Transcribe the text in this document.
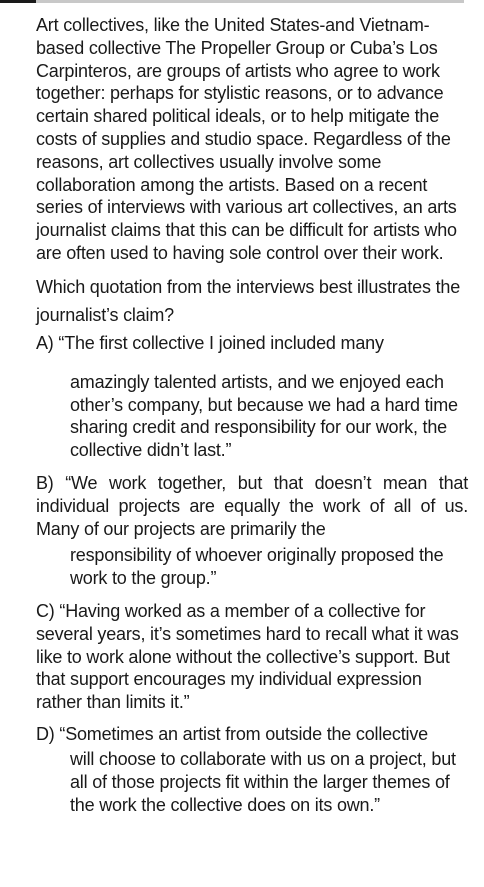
Art collectives, like the United States-and Vietnam-based collective The Propeller Group or Cuba’s Los Carpinteros, are groups of artists who agree to work together: perhaps for stylistic reasons, or to advance certain shared political ideals, or to help mitigate the costs of supplies and studio space. Regardless of the reasons, art collectives usually involve some collaboration among the artists. Based on a recent series of interviews with various art collectives, an arts journalist claims that this can be difficult for artists who are often used to having sole control over their work.

Which quotation from the interviews best illustrates the journalist’s claim?

A) “The first collective I joined included many

amazingly talented artists, and we enjoyed each other’s company, but because we had a hard time sharing credit and responsibility for our work, the collective didn’t last.”

B) “We work together, but that doesn’t mean that individual projects are equally the work of all of us. Many of our projects are primarily the

responsibility of whoever originally proposed the work to the group.”

C) “Having worked as a member of a collective for several years, it’s sometimes hard to recall what it was like to work alone without the collective’s support. But that support encourages my individual expression rather than limits it.”

D) “Sometimes an artist from outside the collective

will choose to collaborate with us on a project, but all of those projects fit within the larger themes of the work the collective does on its own.”
